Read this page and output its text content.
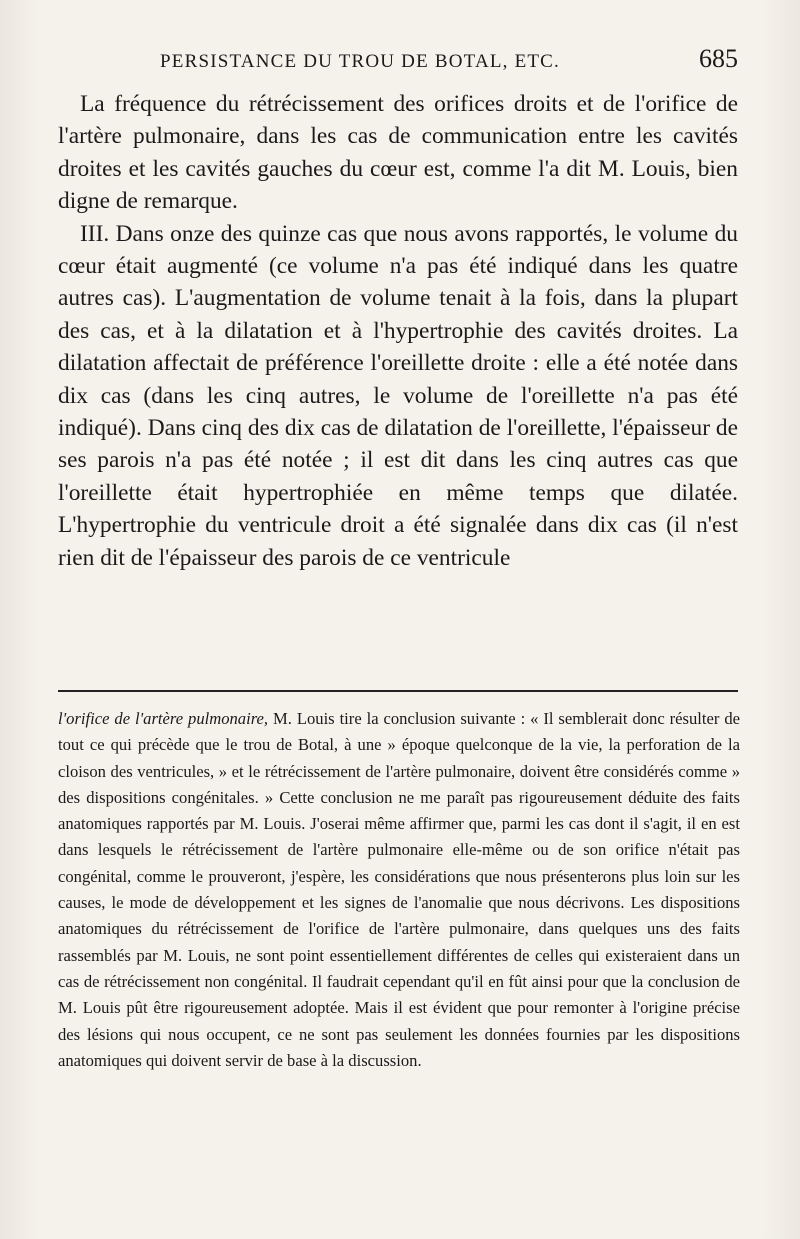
PERSISTANCE DU TROU DE BOTAL, ETC.	685

La fréquence du rétrécissement des orifices droits et de l'orifice de l'artère pulmonaire, dans les cas de communication entre les cavités droites et les cavités gauches du cœur est, comme l'a dit M. Louis, bien digne de remarque.

III. Dans onze des quinze cas que nous avons rapportés, le volume du cœur était augmenté (ce volume n'a pas été indiqué dans les quatre autres cas). L'augmentation de volume tenait à la fois, dans la plupart des cas, et à la dilatation et à l'hypertrophie des cavités droites. La dilatation affectait de préférence l'oreillette droite : elle a été notée dans dix cas (dans les cinq autres, le volume de l'oreillette n'a pas été indiqué). Dans cinq des dix cas de dilatation de l'oreillette, l'épaisseur de ses parois n'a pas été notée ; il est dit dans les cinq autres cas que l'oreillette était hypertrophiée en même temps que dilatée. L'hypertrophie du ventricule droit a été signalée dans dix cas (il n'est rien dit de l'épaisseur des parois de ce ventricule

l'orifice de l'artère pulmonaire, M. Louis tire la conclusion suivante : « Il semblerait donc résulter de tout ce qui précède que le trou de Botal, à une » époque quelconque de la vie, la perforation de la cloison des ventricules, » et le rétrécissement de l'artère pulmonaire, doivent être considérés comme » des dispositions congénitales. » Cette conclusion ne me paraît pas rigoureusement déduite des faits anatomiques rapportés par M. Louis. J'oserai même affirmer que, parmi les cas dont il s'agit, il en est dans lesquels le rétrécissement de l'artère pulmonaire elle-même ou de son orifice n'était pas congénital, comme le prouveront, j'espère, les considérations que nous présenterons plus loin sur les causes, le mode de développement et les signes de l'anomalie que nous décrivons. Les dispositions anatomiques du rétrécissement de l'orifice de l'artère pulmonaire, dans quelques uns des faits rassemblés par M. Louis, ne sont point essentiellement différentes de celles qui existeraient dans un cas de rétrécissement non congénital. Il faudrait cependant qu'il en fût ainsi pour que la conclusion de M. Louis pût être rigoureusement adoptée. Mais il est évident que pour remonter à l'origine précise des lésions qui nous occupent, ce ne sont pas seulement les données fournies par les dispositions anatomiques qui doivent servir de base à la discussion.
